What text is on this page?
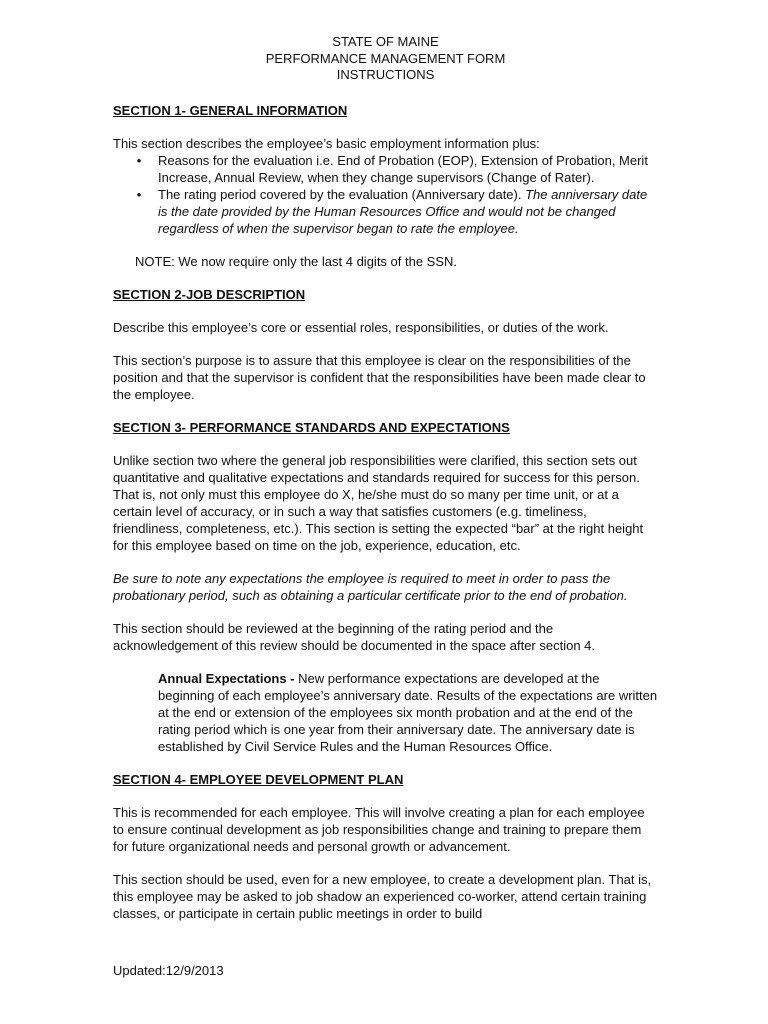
STATE OF MAINE
PERFORMANCE MANAGEMENT FORM
INSTRUCTIONS
SECTION 1- GENERAL INFORMATION

This section describes the employee’s basic employment information plus:

• Reasons for the evaluation i.e. End of Probation (EOP), Extension of Probation, Merit Increase, Annual Review, when they change supervisors (Change of Rater).
• The rating period covered by the evaluation (Anniversary date). The anniversary date is the date provided by the Human Resources Office and would not be changed regardless of when the supervisor began to rate the employee.

NOTE: We now require only the last 4 digits of the SSN.

SECTION 2-JOB DESCRIPTION

Describe this employee’s core or essential roles, responsibilities, or duties of the work.

This section’s purpose is to assure that this employee is clear on the responsibilities of the position and that the supervisor is confident that the responsibilities have been made clear to the employee.

SECTION 3- PERFORMANCE STANDARDS AND EXPECTATIONS

Unlike section two where the general job responsibilities were clarified, this section sets out quantitative and qualitative expectations and standards required for success for this person. That is, not only must this employee do X, he/she must do so many per time unit, or at a certain level of accuracy, or in such a way that satisfies customers (e.g. timeliness, friendliness, completeness, etc.). This section is setting the expected “bar” at the right height for this employee based on time on the job, experience, education, etc.

Be sure to note any expectations the employee is required to meet in order to pass the probationary period, such as obtaining a particular certificate prior to the end of probation.

This section should be reviewed at the beginning of the rating period and the acknowledgement of this review should be documented in the space after section 4.

Annual Expectations - New performance expectations are developed at the beginning of each employee’s anniversary date. Results of the expectations are written at the end or extension of the employees six month probation and at the end of the rating period which is one year from their anniversary date. The anniversary date is established by Civil Service Rules and the Human Resources Office.

SECTION 4- EMPLOYEE DEVELOPMENT PLAN

This is recommended for each employee. This will involve creating a plan for each employee to ensure continual development as job responsibilities change and training to prepare them for future organizational needs and personal growth or advancement.

This section should be used, even for a new employee, to create a development plan. That is, this employee may be asked to job shadow an experienced co-worker, attend certain training classes, or participate in certain public meetings in order to build

Updated:12/9/2013
